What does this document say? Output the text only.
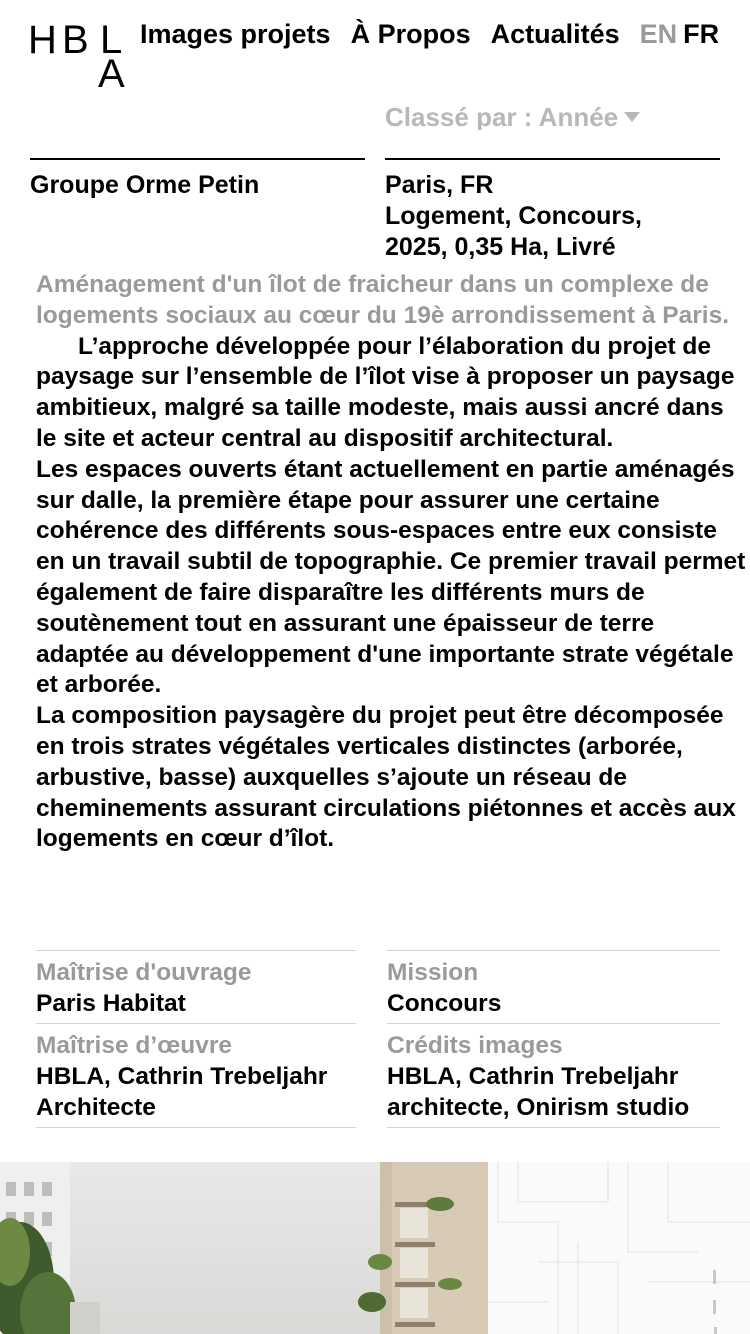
H B L
A
Images projets À Propos Actualités EN FR
Classé par : Année
Groupe Orme Petin	Paris, FR
Logement, Concours,
2025, 0,35 Ha, Livré

Aménagement d'un îlot de fraicheur dans un complexe de logements sociaux au cœur du 19è arrondissement à Paris.

L’approche développée pour l’élaboration du projet de paysage sur l’ensemble de l’îlot vise à proposer un paysage ambitieux, malgré sa taille modeste, mais aussi ancré dans le site et acteur central au dispositif architectural.

Les espaces ouverts étant actuellement en partie aménagés sur dalle, la première étape pour assurer une certaine cohérence des différents sous-espaces entre eux consiste en un travail subtil de topographie. Ce premier travail permet également de faire disparaître les différents murs de soutènement tout en assurant une épaisseur de terre adaptée au développement d'une importante strate végétale et arborée.

La composition paysagère du projet peut être décomposée en trois strates végétales verticales distinctes (arborée, arbustive, basse) auxquelles s’ajoute un réseau de cheminements assurant circulations piétonnes et accès aux logements en cœur d’îlot.

Maîtrise d'ouvrage
Paris Habitat
Maîtrise d’œuvre
HBLA, Cathrin Trebeljahr Architecte
Mission
Concours
Crédits images
HBLA, Cathrin Trebeljahr architecte, Onirism studio
